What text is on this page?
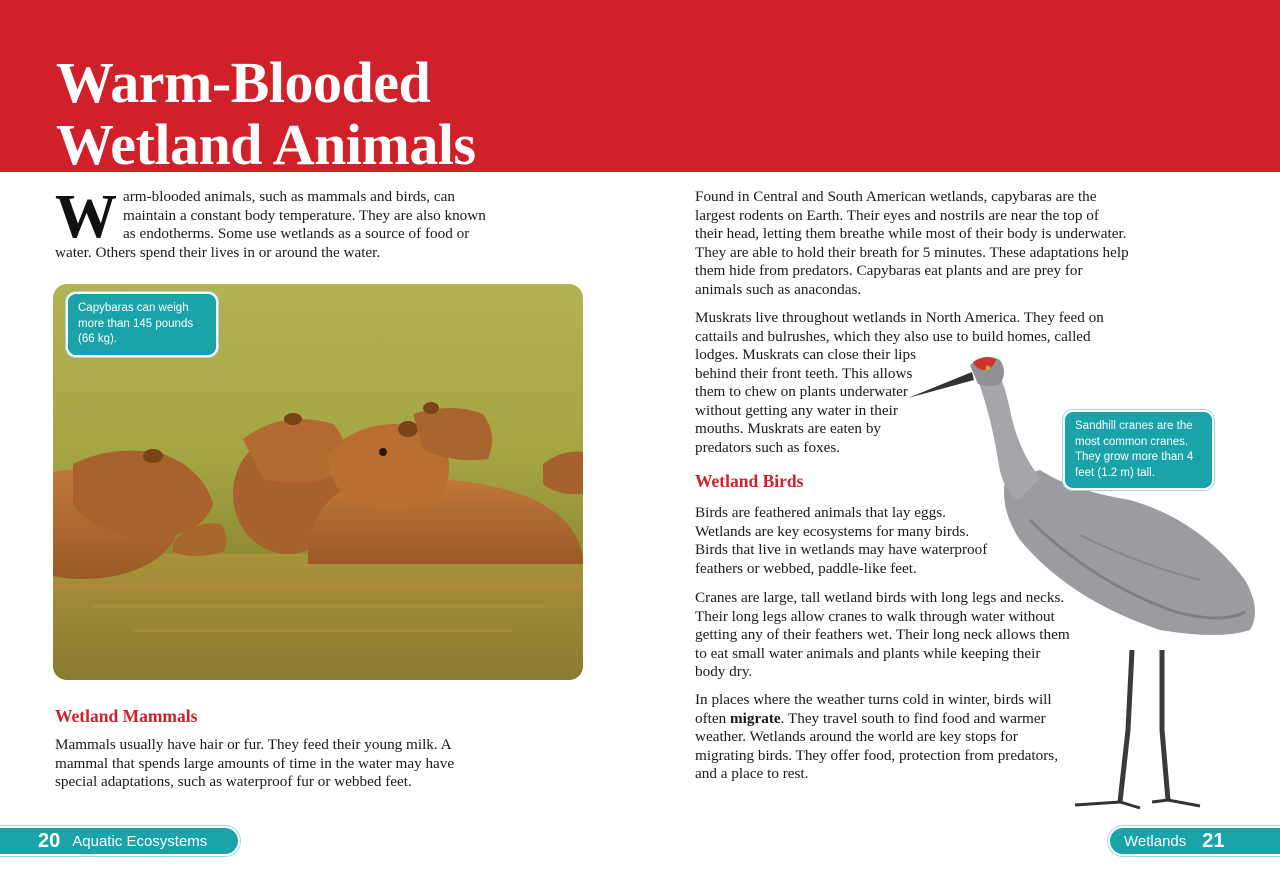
Warm-Blooded
Wetland Animals

Warm-blooded animals, such as mammals and birds, can maintain a constant body temperature. They are also known as endotherms. Some use wetlands as a source of food or water. Others spend their lives in or around the water.

Capybaras can weigh more than 145 pounds (66 kg).
Wetland Mammals

Mammals usually have hair or fur. They feed their young milk. A mammal that spends large amounts of time in the water may have special adaptations, such as waterproof fur or webbed feet.

Found in Central and South American wetlands, capybaras are the largest rodents on Earth. Their eyes and nostrils are near the top of their head, letting them breathe while most of their body is underwater. They are able to hold their breath for 5 minutes. These adaptations help them hide from predators. Capybaras eat plants and are prey for animals such as anacondas.

Muskrats live throughout wetlands in North America. They feed on cattails and bulrushes, which they also use to build homes, called

lodges. Muskrats can close their lips behind their front teeth. This allows them to chew on plants underwater without getting any water in their mouths. Muskrats are eaten by predators such as foxes.

Wetland Birds

Birds are feathered animals that lay eggs. Wetlands are key ecosystems for many birds. Birds that live in wetlands may have waterproof feathers or webbed, paddle-like feet.

Cranes are large, tall wetland birds with long legs and necks. Their long legs allow cranes to walk through water without getting any of their feathers wet. Their long neck allows them to eat small water animals and plants while keeping their body dry.

In places where the weather turns cold in winter, birds will often migrate. They travel south to find food and warmer weather. Wetlands around the world are key stops for migrating birds. They offer food, protection from predators, and a place to rest.

Sandhill cranes are the most common cranes. They grow more than 4 feet (1.2 m) tall.
20 Aquatic Ecosystems	Wetlands 21
